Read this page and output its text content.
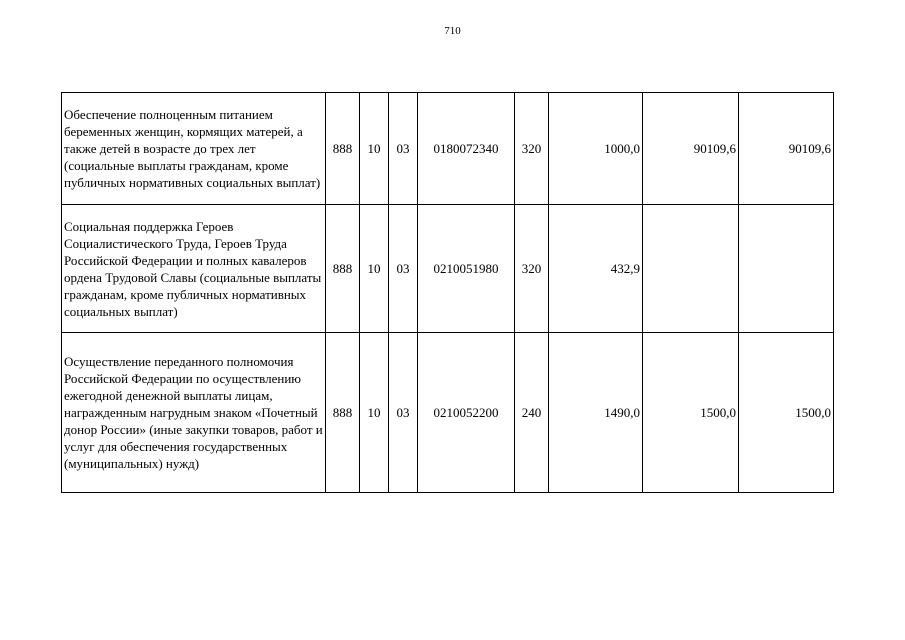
710
Обеспечение полноценным питанием беременных женщин, кормящих матерей, а также детей в возрасте до трех лет (социальные выплаты гражданам, кроме публичных нормативных социальных выплат)	888	10	03	0180072340	320	1000,0	90109,6	90109,6
Социальная поддержка Героев Социалистического Труда, Героев Труда Российской Федерации и полных кавалеров ордена Трудовой Славы (социальные выплаты гражданам, кроме публичных нормативных социальных выплат)	888	10	03	0210051980	320	432,9		
Осуществление переданного полномочия Российской Федерации по осуществлению ежегодной денежной выплаты лицам, награжденным нагрудным знаком «Почетный донор России» (иные закупки товаров, работ и услуг для обеспечения государственных (муниципальных) нужд)	888	10	03	0210052200	240	1490,0	1500,0	1500,0
